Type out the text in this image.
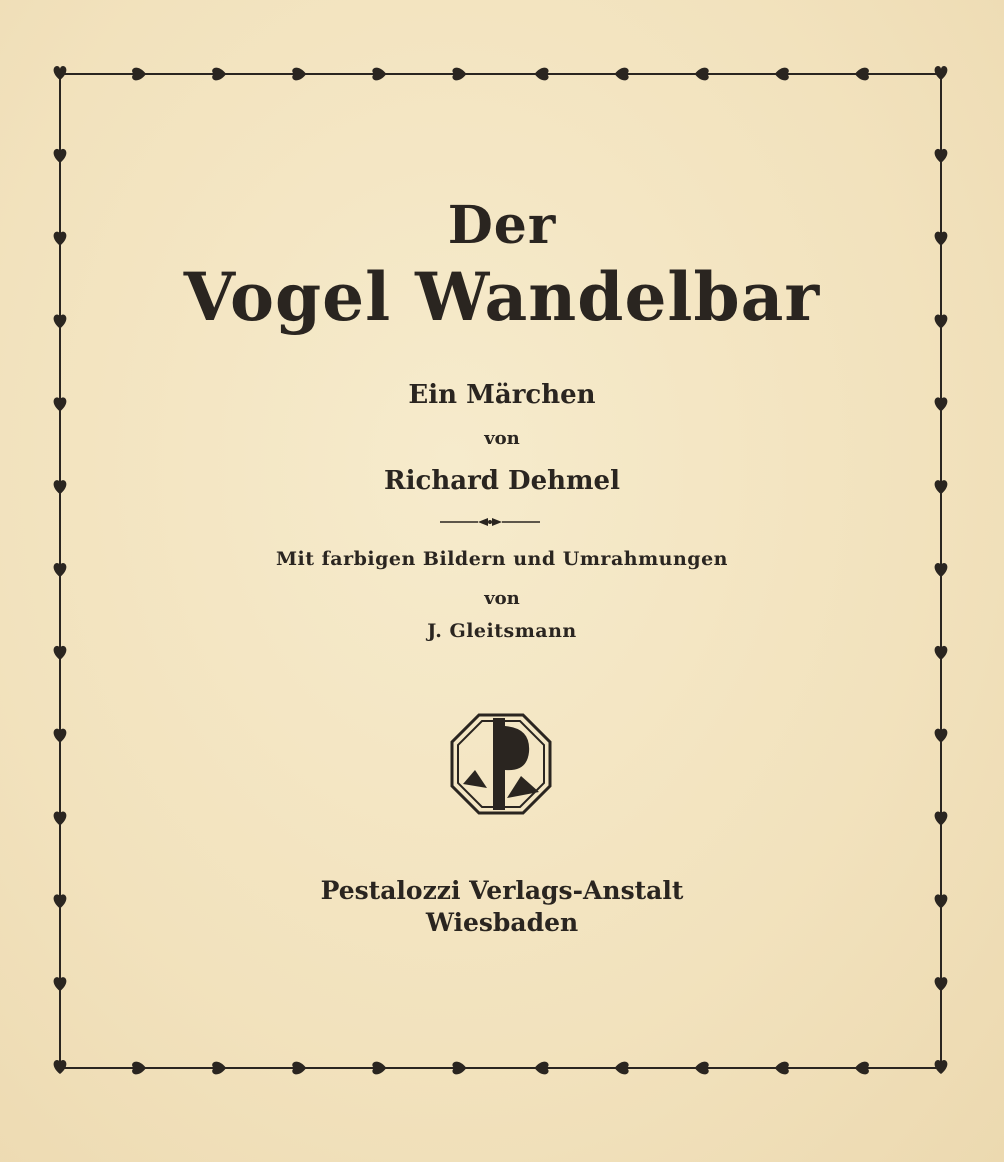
Der
Vogel Wandelbar
Ein Märchen
von
Richard Dehmel
Mit farbigen Bildern und Umrahmungen
von
J. Gleitsmann
Pestalozzi Verlags-Anstalt
Wiesbaden
